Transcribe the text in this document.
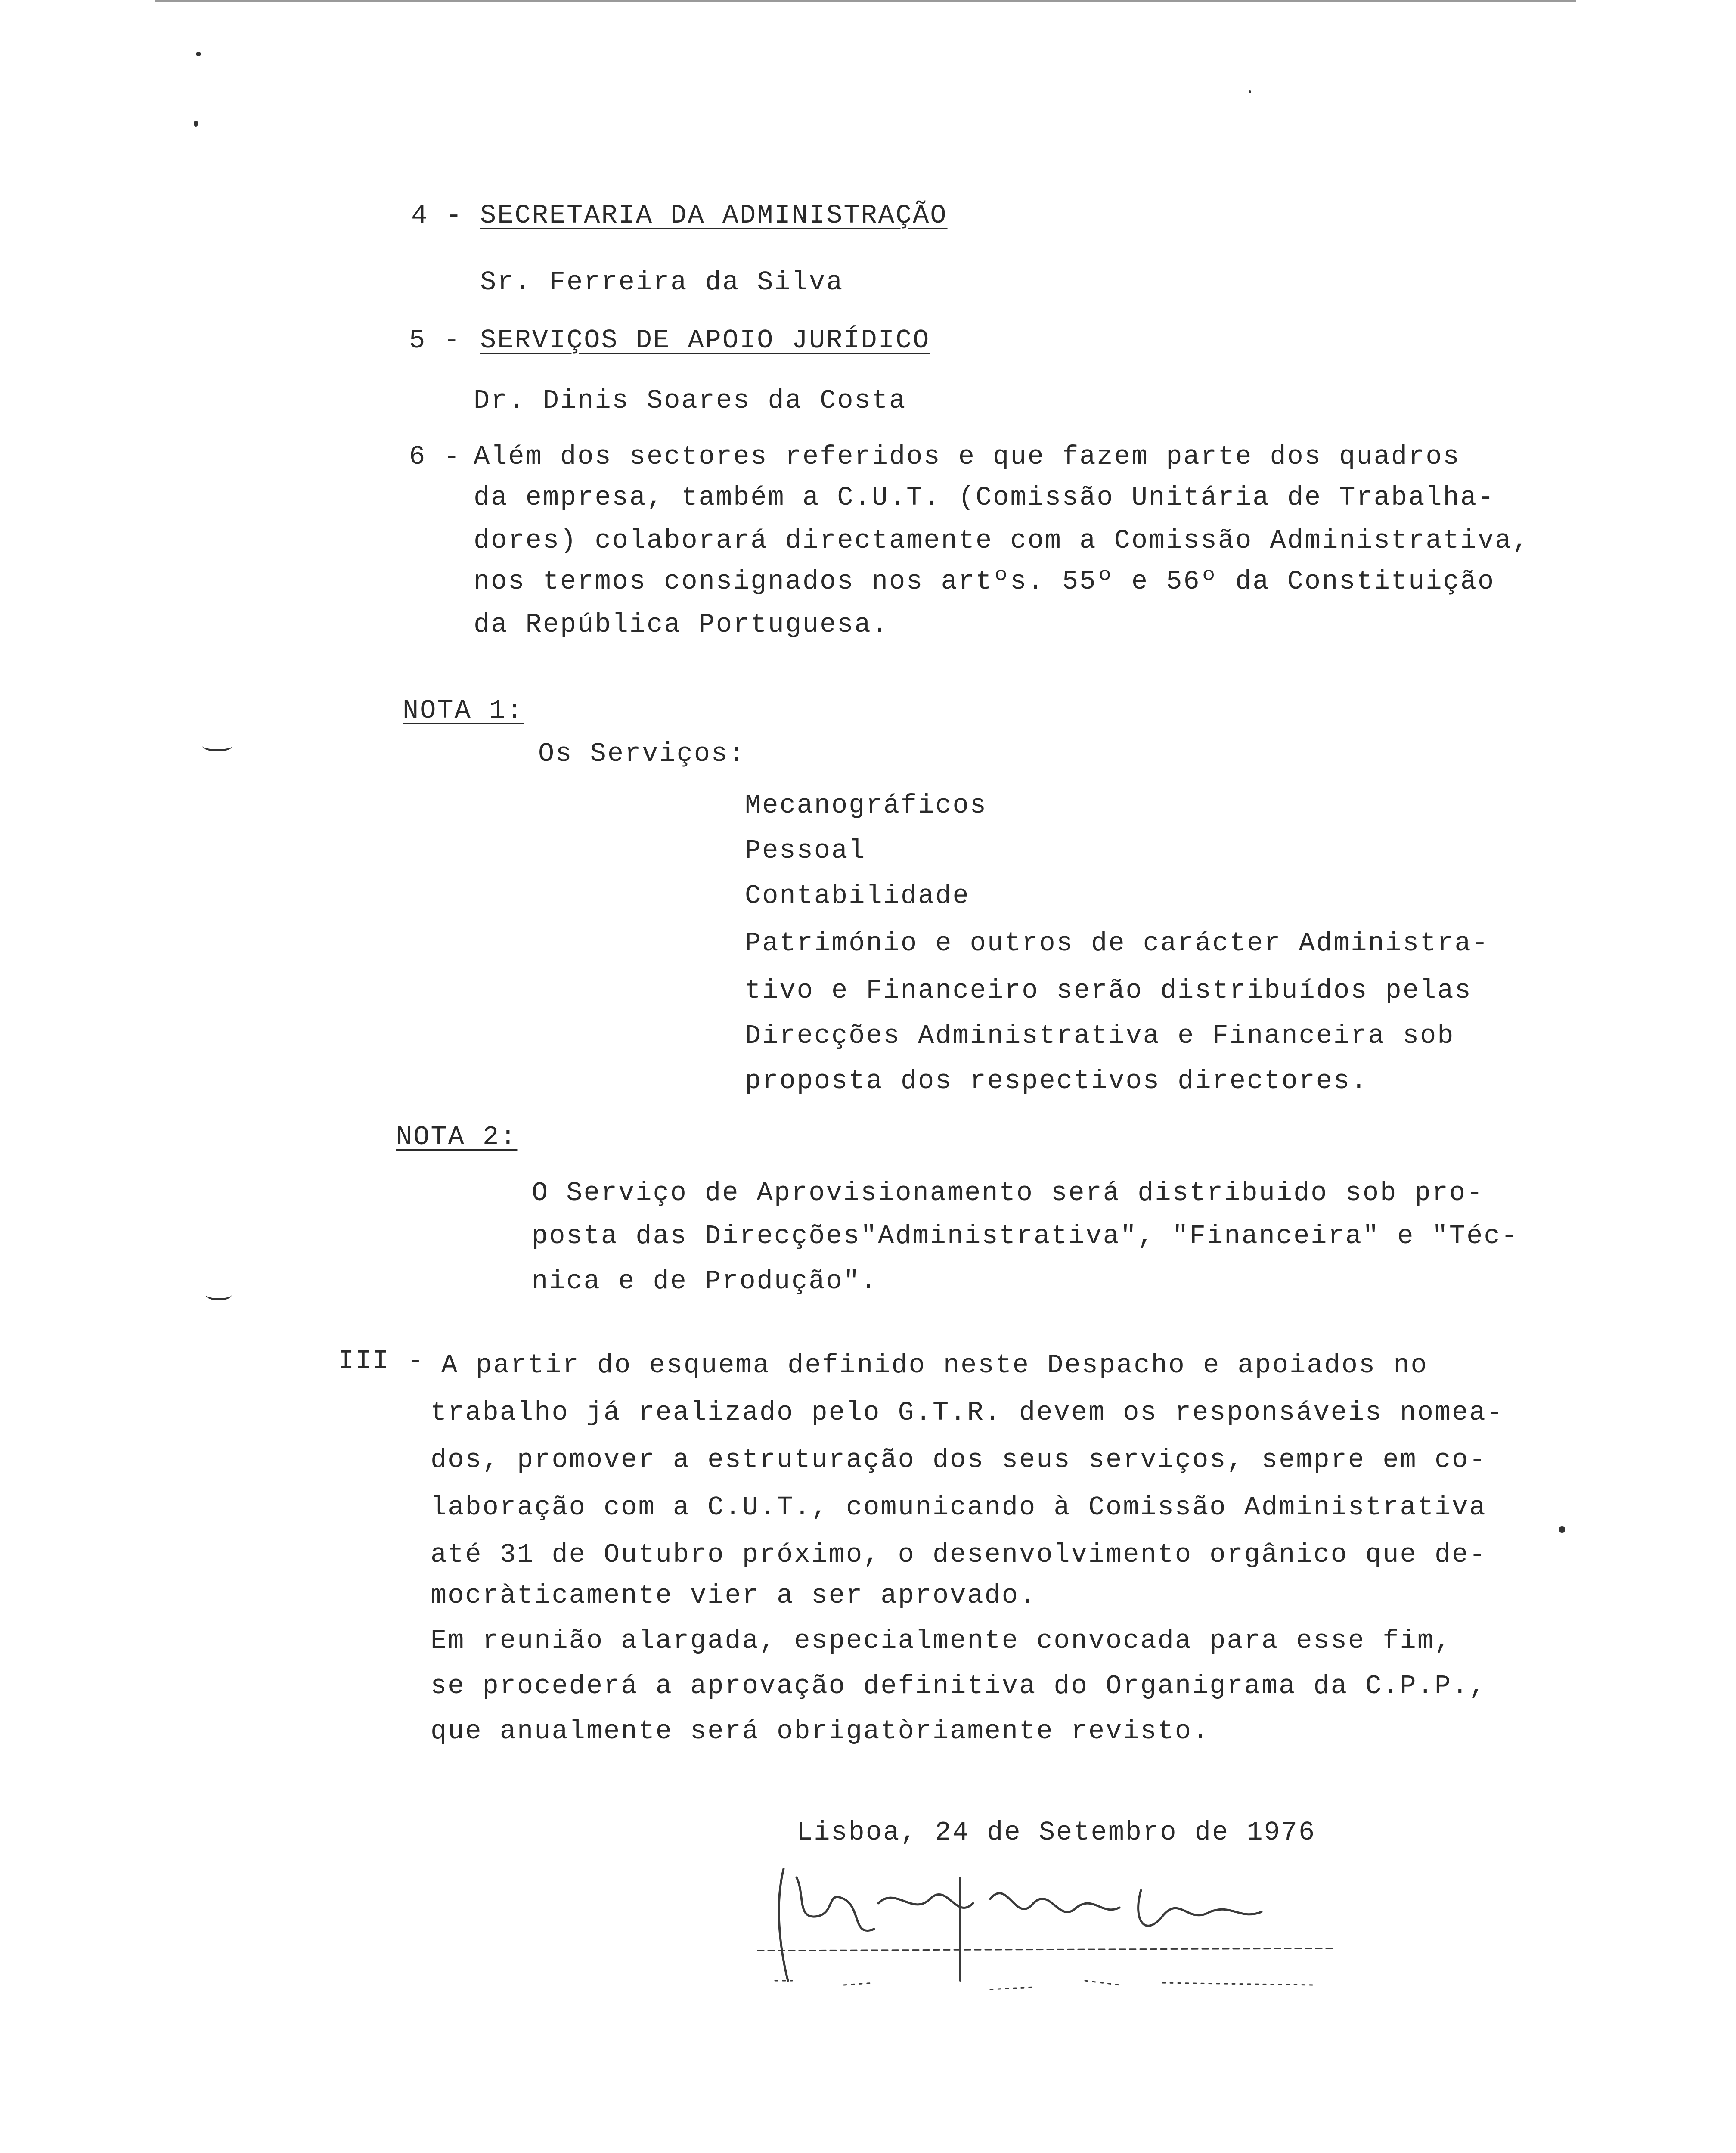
4 - SECRETARIA DA ADMINISTRAÇÃO
Sr. Ferreira da Silva
5 - SERVIÇOS DE APOIO JURÍDICO
Dr. Dinis Soares da Costa
6 - Além dos sectores referidos e que fazem parte dos quadros
da empresa, também a C.U.T. (Comissão Unitária de Trabalha-
dores) colaborará directamente com a Comissão Administrativa,
nos termos consignados nos artºs. 55º e 56º da Constituição
da República Portuguesa.
NOTA 1:
Os Serviços:
Mecanográficos
Pessoal
Contabilidade
Património e outros de carácter Administra-
tivo e Financeiro serão distribuídos pelas
Direcções Administrativa e Financeira sob
proposta dos respectivos directores.
NOTA 2:
O Serviço de Aprovisionamento será distribuido sob pro-
posta das Direcções"Administrativa", "Financeira" e "Téc-
nica e de Produção".
III - A partir do esquema definido neste Despacho e apoiados no
trabalho já realizado pelo G.T.R. devem os responsáveis nomea-
dos, promover a estruturação dos seus serviços, sempre em co-
laboração com a C.U.T., comunicando à Comissão Administrativa
até 31 de Outubro próximo, o desenvolvimento orgânico que de-
mocràticamente vier a ser aprovado.
Em reunião alargada, especialmente convocada para esse fim,
se procederá a aprovação definitiva do Organigrama da C.P.P.,
que anualmente será obrigatòriamente revisto.
Lisboa, 24 de Setembro de 1976
